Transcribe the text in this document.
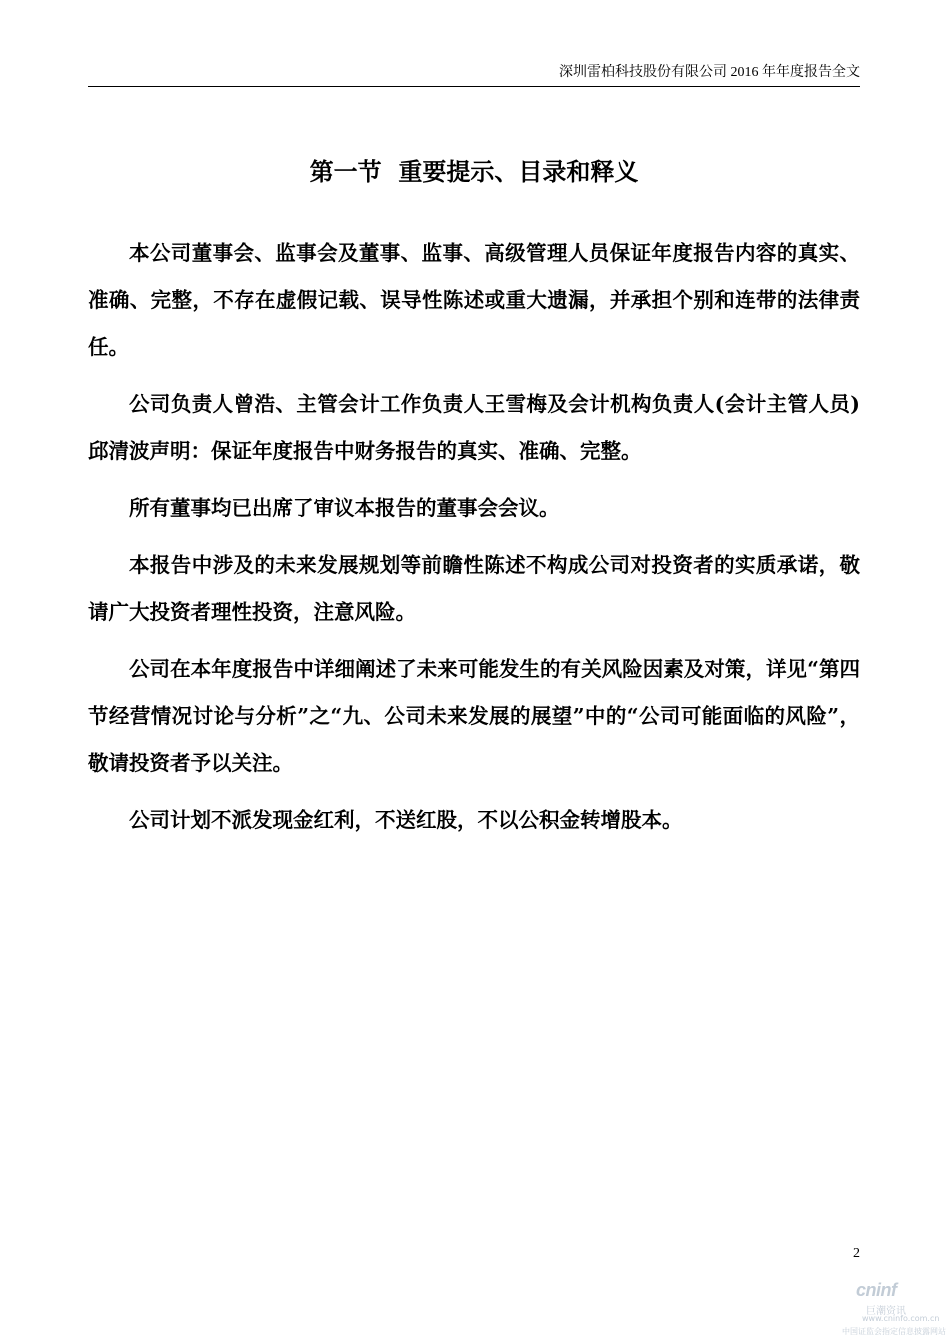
深圳雷柏科技股份有限公司 2016 年年度报告全文
第一节  重要提示、目录和释义

本公司董事会、监事会及董事、监事、高级管理人员保证年度报告内容的真实、准确、完整，不存在虚假记载、误导性陈述或重大遗漏，并承担个别和连带的法律责任。

公司负责人曾浩、主管会计工作负责人王雪梅及会计机构负责人(会计主管人员)邱清波声明：保证年度报告中财务报告的真实、准确、完整。

所有董事均已出席了审议本报告的董事会会议。

本报告中涉及的未来发展规划等前瞻性陈述不构成公司对投资者的实质承诺，敬请广大投资者理性投资，注意风险。

公司在本年度报告中详细阐述了未来可能发生的有关风险因素及对策，详见“第四节经营情况讨论与分析”之“九、公司未来发展的展望”中的“公司可能面临的风险”，敬请投资者予以关注。

公司计划不派发现金红利，不送红股，不以公积金转增股本。

2
cninf
巨潮资讯
www.cninfo.com.cn
中国证监会指定信息披露网站
